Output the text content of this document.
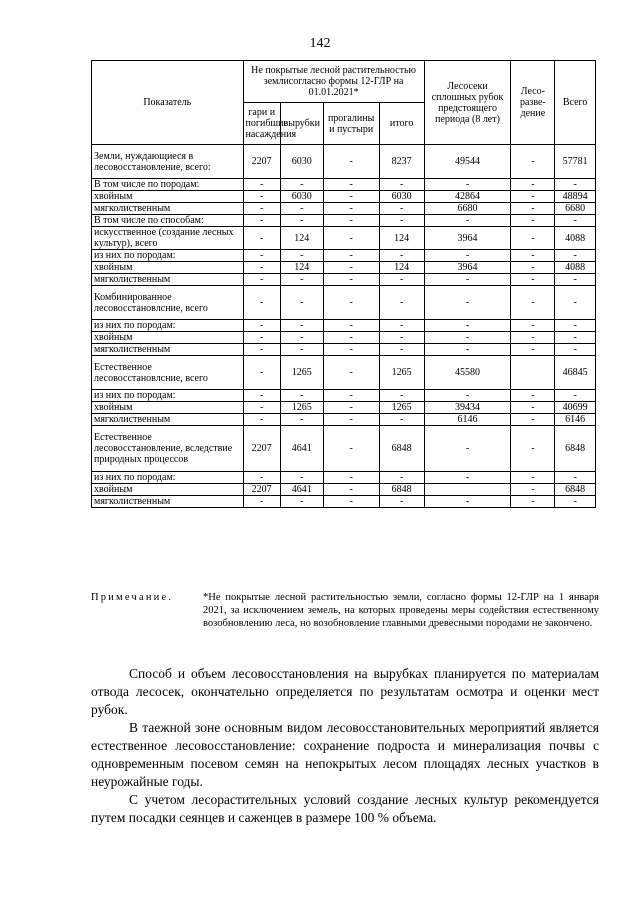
142
Показатель	Не покрытые лесной растительностью землисогласно формы 12-ГЛР на 01.01.2021*				Лесосеки сплошных рубок предстоящего периода (8 лет)	Лесо-разве-дение	Всего
	гари и погибшие насаждения	вырубки	прогалины и пустыри	итого			
Земли, нуждающиеся в лесовосстановление, всего:	2207	6030	-	8237	49544	-	57781
В том числе по породам:	-	-	-	-	-	-	-
хвойным	-	6030	-	6030	42864	-	48894
мягколиственным	-	-	-	-	6680	-	6680
В том числе по способам:	-	-	-	-	-	-	-
искусственное (создание лесных культур), всего	-	124	-	124	3964	-	4088
из них по породам:	-	-	-	-	-	-	-
хвойным	-	124	-	124	3964	-	4088
мягколиственным	-	-	-	-	-	-	-
Комбинированное лесовосстановлсние, всего	-	-	-	-	-	-	-
из них по породам:	-	-	-	-	-	-	-
хвойным	-	-	-	-	-	-	-
мягколиственным	-	-	-	-	-	-	-
Естественное лесовосстановлсние, всего	-	1265	-	1265	45580		46845
из них по породам:	-	-	-	-	-	-	-
хвойным	-	1265	-	1265	39434	-	40699
мягколиственным	-	-	-	-	6146	-	6146
Естественное лесовосстановление, вследствие природных процессов	2207	4641	-	6848	-	-	6848
из них по породам:	-	-	-	-	-	-	-
хвойным	2207	4641	-	6848		-	6848
мягколиственным	-	-	-	-	-	-	-
Примечание.	*Не покрытые лесной растительностью земли, согласно формы 12-ГЛР на 1 января 2021, за исключением земель, на которых проведены меры содействия естественному возобновлению леса, но возобновление главными древесными породами не закончено.

Способ и объем лесовосстановления на вырубках планируется по материалам отвода лесосек, окончательно определяется по результатам осмотра и оценки мест рубок.

В таежной зоне основным видом лесовосстановительных мероприятий является естественное лесовосстановление: сохранение подроста и минерализация почвы с одновременным посевом семян на непокрытых лесом площадях лесных участков в неурожайные годы.

С учетом лесорастительных условий создание лесных культур рекомендуется путем посадки сеянцев и саженцев в размере 100 % объема.
